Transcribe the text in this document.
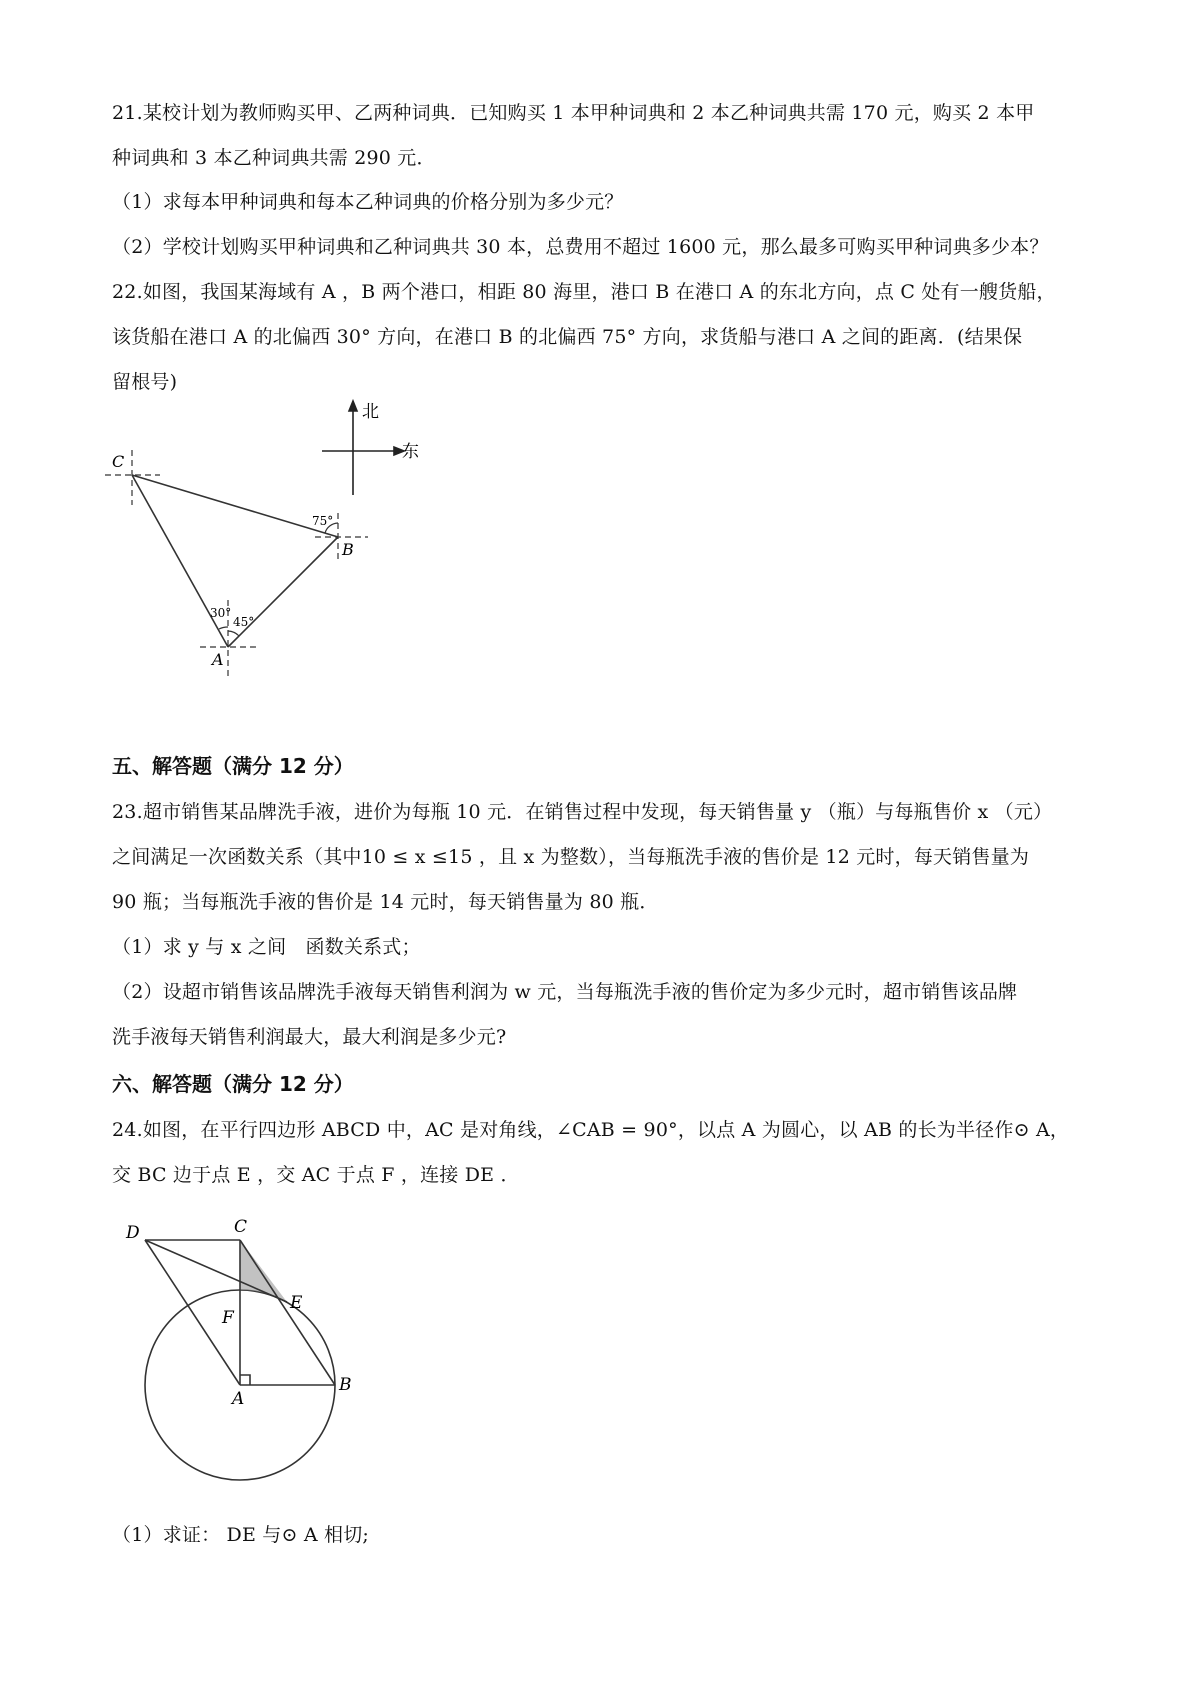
21.某校计划为教师购买甲、乙两种词典．已知购买 1 本甲种词典和 2 本乙种词典共需 170 元，购买 2 本甲
种词典和 3 本乙种词典共需 290 元．
（1）求每本甲种词典和每本乙种词典的价格分别为多少元？
（2）学校计划购买甲种词典和乙种词典共 30 本，总费用不超过 1600 元，那么最多可购买甲种词典多少本？
22.如图，我国某海域有 A ，B 两个港口，相距 80 海里，港口 B 在港口 A 的东北方向，点 C 处有一艘货船，
该货船在港口 A 的北偏西 30° 方向，在港口 B 的北偏西 75° 方向，求货船与港口 A 之间的距离．(结果保
留根号)
北
东
C
B
A
75°
30°
45°
五、解答题（满分 12 分）
23.超市销售某品牌洗手液，进价为每瓶 10 元．在销售过程中发现，每天销售量 y （瓶）与每瓶售价 x （元）
之间满足一次函数关系（其中10 ≤ x ≤15 ，且 x 为整数），当每瓶洗手液的售价是 12 元时，每天销售量为
90 瓶；当每瓶洗手液的售价是 14 元时，每天销售量为 80 瓶．
（1）求 y 与 x 之间　函数关系式；
（2）设超市销售该品牌洗手液每天销售利润为 w 元，当每瓶洗手液的售价定为多少元时，超市销售该品牌
洗手液每天销售利润最大，最大利润是多少元?
六、解答题（满分 12 分）
24.如图，在平行四边形 ABCD 中，AC 是对角线，∠CAB = 90°，以点 A 为圆心，以 AB 的长为半径作⊙ A，
交 BC 边于点 E ，交 AC 于点 F ，连接 DE ．
D	C
E
F
A
B
（1）求证： DE 与⊙ A 相切;
